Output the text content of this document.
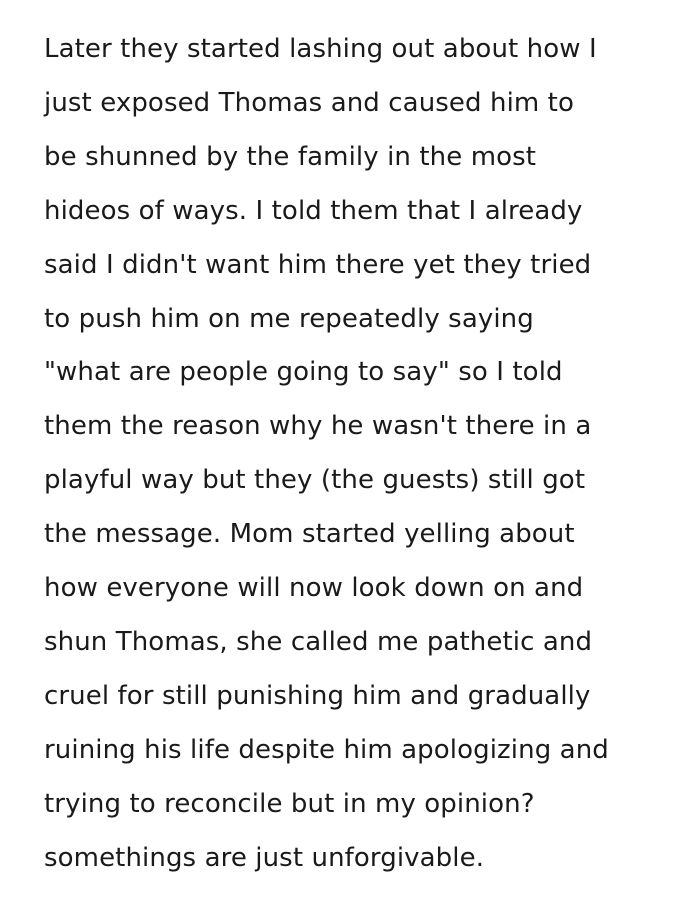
Later they started lashing out about how I
just exposed Thomas and caused him to
be shunned by the family in the most
hideos of ways. I told them that I already
said I didn't want him there yet they tried
to push him on me repeatedly saying
"what are people going to say" so I told
them the reason why he wasn't there in a
playful way but they (the guests) still got
the message. Mom started yelling about
how everyone will now look down on and
shun Thomas, she called me pathetic and
cruel for still punishing him and gradually
ruining his life despite him apologizing and
trying to reconcile but in my opinion?
somethings are just unforgivable.
